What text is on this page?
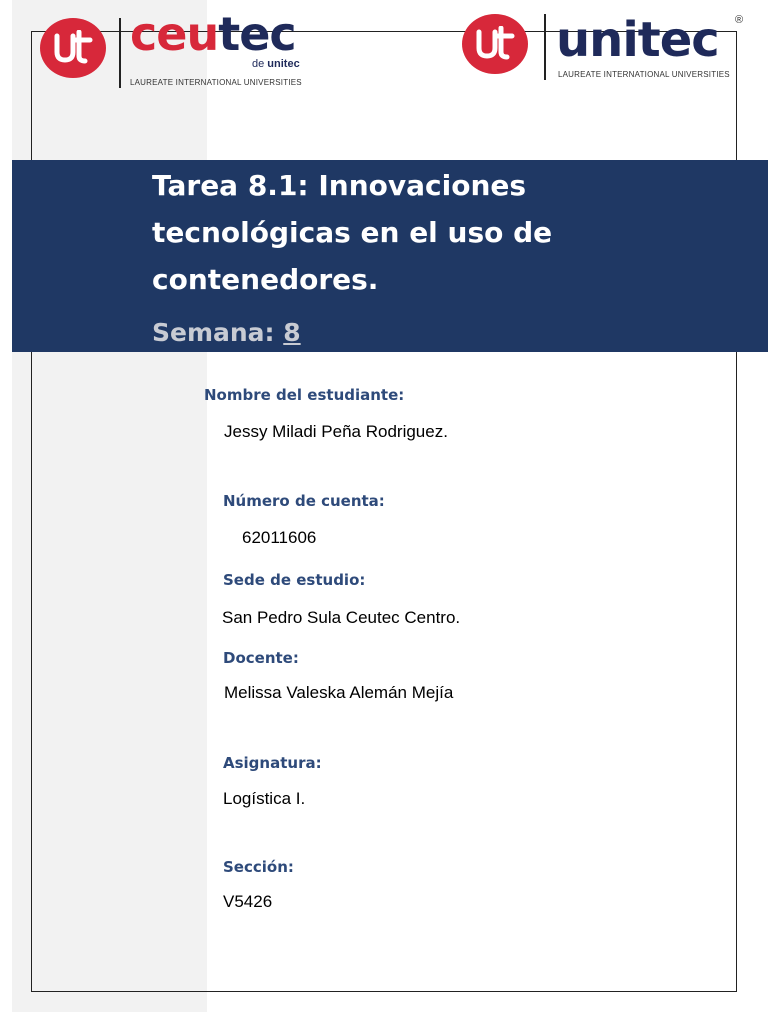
ceutec
de unitec
LAUREATE INTERNATIONAL UNIVERSITIES
unitec
LAUREATE INTERNATIONAL UNIVERSITIES
®
Tarea 8.1: Innovaciones
tecnológicas en el uso de
contenedores.
Semana: 8
Nombre del estudiante:
Jessy Miladi Peña Rodriguez.
Número de cuenta:
62011606
Sede de estudio:
San Pedro Sula Ceutec Centro.
Docente:
Melissa Valeska Alemán Mejía
Asignatura:
Logística I.
Sección:
V5426
